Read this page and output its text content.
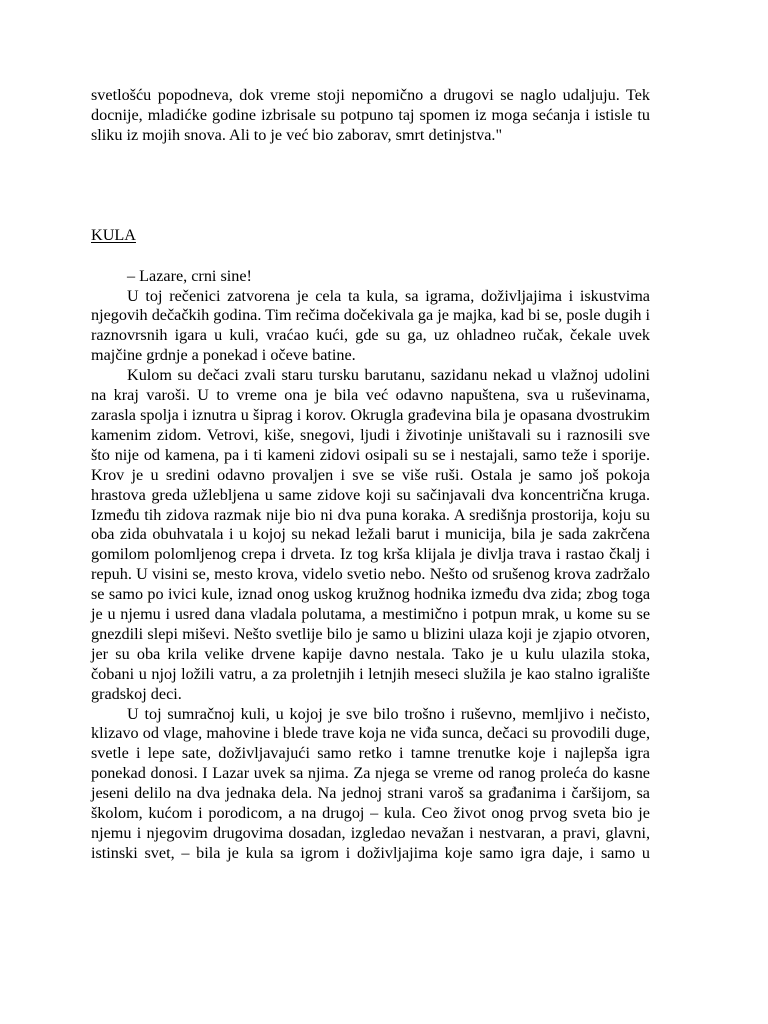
svetlošću popodneva, dok vreme stoji nepomično a drugovi se naglo udaljuju. Tek docnije, mladićke godine izbrisale su potpuno taj spomen iz moga sećanja i istisle tu sliku iz mojih snova. Ali to je već bio zaborav, smrt detinjstva."

KULA

– Lazare, crni sine!

U toj rečenici zatvorena je cela ta kula, sa igrama, doživljajima i iskustvima njegovih dečačkih godina. Tim rečima dočekivala ga je majka, kad bi se, posle dugih i raznovrsnih igara u kuli, vraćao kući, gde su ga, uz ohladneo ručak, čekale uvek majčine grdnje a ponekad i očeve batine.

Kulom su dečaci zvali staru tursku barutanu, sazidanu nekad u vlažnoj udolini na kraj varoši. U to vreme ona je bila već odavno napuštena, sva u ruševinama, zarasla spolja i iznutra u šiprag i korov. Okrugla građevina bila je opasana dvostrukim kamenim zidom. Vetrovi, kiše, snegovi, ljudi i životinje uništavali su i raznosili sve što nije od kamena, pa i ti kameni zidovi osipali su se i nestajali, samo teže i sporije. Krov je u sredini odavno provaljen i sve se više ruši. Ostala je samo još pokoja hrastova greda užlebljena u same zidove koji su sačinjavali dva koncentrična kruga. Između tih zidova razmak nije bio ni dva puna koraka. A središnja prostorija, koju su oba zida obuhvatala i u kojoj su nekad ležali barut i municija, bila je sada zakrčena gomilom polomljenog crepa i drveta. Iz tog krša klijala je divlja trava i rastao čkalj i repuh. U visini se, mesto krova, videlo svetio nebo. Nešto od srušenog krova zadržalo se samo po ivici kule, iznad onog uskog kružnog hodnika između dva zida; zbog toga je u njemu i usred dana vladala polutama, a mestimično i potpun mrak, u kome su se gnezdili slepi miševi. Nešto svetlije bilo je samo u blizini ulaza koji je zjapio otvoren, jer su oba krila velike drvene kapije davno nestala. Tako je u kulu ulazila stoka, čobani u njoj ložili vatru, a za proletnjih i letnjih meseci služila je kao stalno igralište gradskoj deci.

U toj sumračnoj kuli, u kojoj je sve bilo trošno i ruševno, memljivo i nečisto, klizavo od vlage, mahovine i blede trave koja ne viđa sunca, dečaci su provodili duge, svetle i lepe sate, doživljavajući samo retko i tamne trenutke koje i najlepša igra ponekad donosi. I Lazar uvek sa njima. Za njega se vreme od ranog proleća do kasne jeseni delilo na dva jednaka dela. Na jednoj strani varoš sa građanima i čaršijom, sa školom, kućom i porodicom, a na drugoj – kula. Ceo život onog prvog sveta bio je njemu i njegovim drugovima dosadan, izgledao nevažan i nestvaran, a pravi, glavni, istinski svet, – bila je kula sa igrom i doživljajima koje samo igra daje, i samo u
